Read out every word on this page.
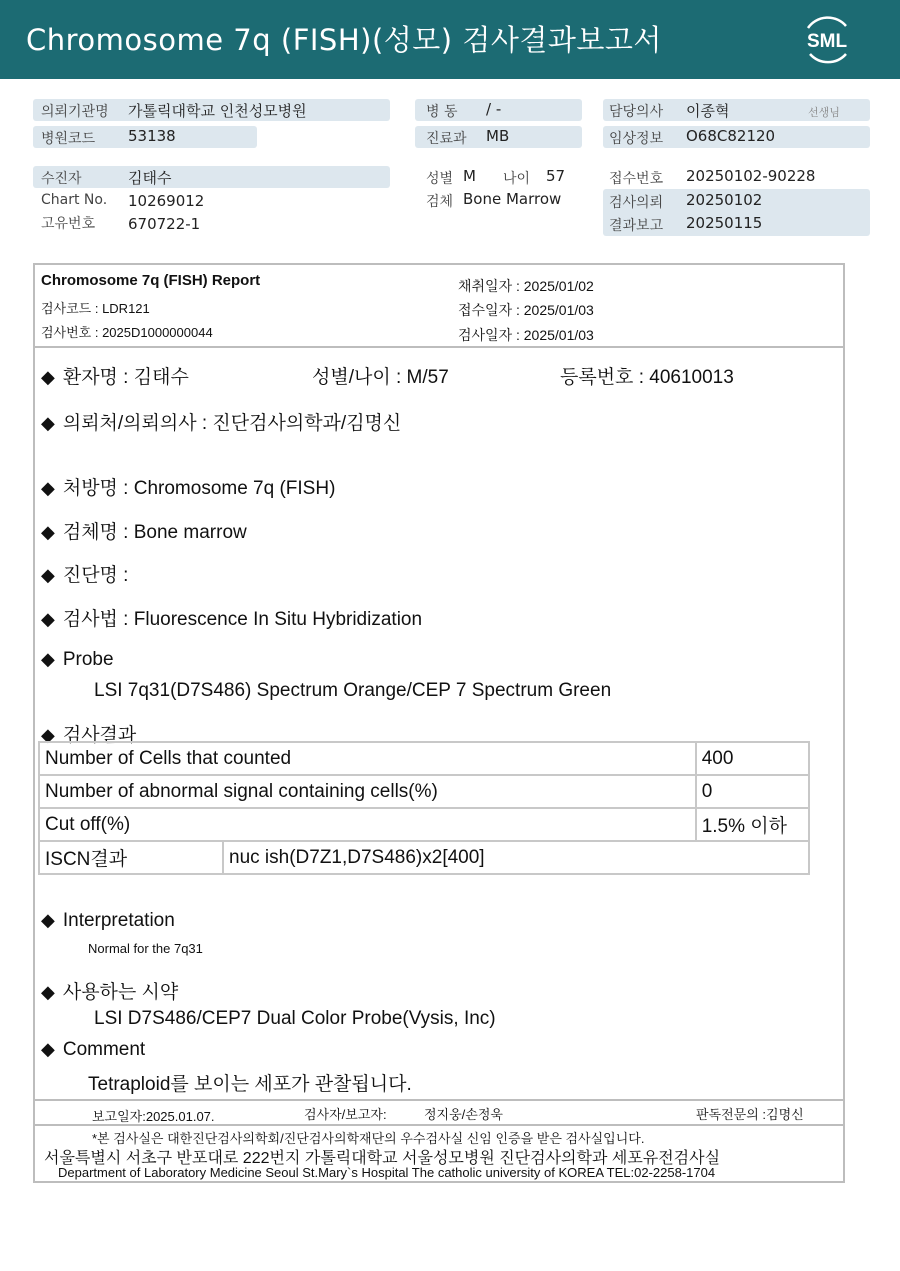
Chromosome 7q (FISH)(성모) 검사결과보고서	SML
의뢰기관명 가톨릭대학교 인천성모병원
병원코드 53138
수진자	김태수
Chart No. 10269012
고유번호 670722-1
병 동 / -
진료과 MB
성별 M 나이 57
검체 Bone Marrow
담당의사 이종혁	선생님
임상정보 O68C82120
접수번호 20250102-90228
검사의뢰 20250102
결과보고 20250115
Chromosome 7q (FISH) Report
검사코드 : LDR121
검사번호 : 2025D1000000044
채취일자 : 2025/01/02
접수일자 : 2025/01/03
검사일자 : 2025/01/03
◆ 환자명 : 김태수	성별/나이 : M/57	등록번호 : 40610013
◆ 의뢰처/의뢰의사 : 진단검사의학과/김명신
◆ 처방명 : Chromosome 7q (FISH)
◆ 검체명 : Bone marrow
◆ 진단명 :
◆ 검사법 : Fluorescence In Situ Hybridization
◆ Probe
LSI 7q31(D7S486) Spectrum Orange/CEP 7 Spectrum Green
◆ 검사결과
Number of Cells that counted		400
Number of abnormal signal containing cells(%)		0
Cut off(%)		1.5% 이하
ISCN결과	nuc ish(D7Z1,D7S486)x2[400]	
◆ Interpretation
Normal for the 7q31
◆ 사용하는 시약
LSI D7S486/CEP7 Dual Color Probe(Vysis, Inc)
◆ Comment
Tetraploid를 보이는 세포가 관찰됩니다.
보고일자:2025.01.07.	검사자/보고자:	정지웅/손정욱	판독전문의 :김명신
*본 검사실은 대한진단검사의학회/진단검사의학재단의 우수검사실 신임 인증을 받은 검사실입니다.
서울특별시 서초구 반포대로 222번지 가톨릭대학교 서울성모병원 진단검사의학과 세포유전검사실
Department of Laboratory Medicine Seoul St.Mary`s Hospital The catholic university of KOREA TEL:02-2258-1704
